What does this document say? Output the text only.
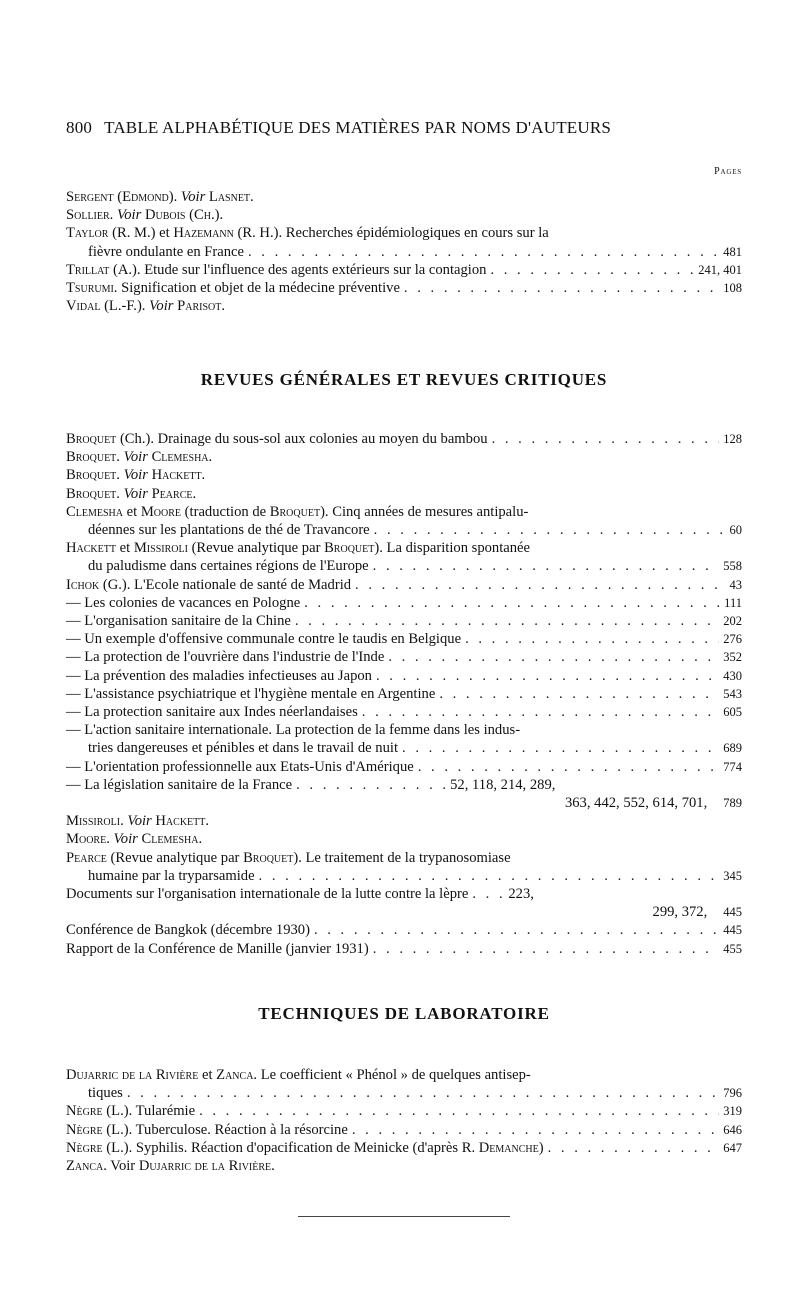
800 TABLE ALPHABÉTIQUE DES MATIÈRES PAR NOMS D'AUTEURS
Pages
Sergent (Edmond). Voir Lasnet.
Sollier. Voir Dubois (Ch.).
Taylor (R. M.) et Hazemann (R. H.). Recherches épidémiologiques en cours sur la
fièvre ondulante en France . . .	481
Trillat (A.). Etude sur l'influence des agents extérieurs sur la contagion . . .	241, 401
Tsurumi. Signification et objet de la médecine préventive . . .	108
Vidal (L.-F.). Voir Parisot.
REVUES GÉNÉRALES ET REVUES CRITIQUES
Broquet (Ch.). Drainage du sous-sol aux colonies au moyen du bambou . . .	128
Broquet. Voir Clemesha.
Broquet. Voir Hackett.
Broquet. Voir Pearce.
Clemesha et Moore (traduction de Broquet). Cinq années de mesures antipalu-
déennes sur les plantations de thé de Travancore . . .	60
Hackett et Missiroli (Revue analytique par Broquet). La disparition spontanée
du paludisme dans certaines régions de l'Europe . . .	558
Ichok (G.). L'Ecole nationale de santé de Madrid . . .	43
— Les colonies de vacances en Pologne . . .	111
— L'organisation sanitaire de la Chine . . .	202
— Un exemple d'offensive communale contre le taudis en Belgique . . .	276
— La protection de l'ouvrière dans l'industrie de l'Inde . . .	352
— La prévention des maladies infectieuses au Japon . . .	430
— L'assistance psychiatrique et l'hygiène mentale en Argentine . . .	543
— La protection sanitaire aux Indes néerlandaises . . .	605
— L'action sanitaire internationale. La protection de la femme dans les indus-
tries dangereuses et pénibles et dans le travail de nuit . . .	689
— L'orientation professionnelle aux Etats-Unis d'Amérique . . .	774
— La législation sanitaire de la France . . .	52, 118, 214, 289,
363, 442, 552, 614, 701, 789
Missiroli. Voir Hackett.
Moore. Voir Clemesha.
Pearce (Revue analytique par Broquet). Le traitement de la trypanosomiase
humaine par la tryparsamide . . .	345
Documents sur l'organisation internationale de la lutte contre la lèpre . . .	223,
299, 372, 445
Conférence de Bangkok (décembre 1930) . . .	445
Rapport de la Conférence de Manille (janvier 1931) . . .	455
TECHNIQUES DE LABORATOIRE
Dujarric de la Rivière et Zanca. Le coefficient « Phénol » de quelques antisep-
tiques . . .	796
Nègre (L.). Tularémie . . .	319
Nègre (L.). Tuberculose. Réaction à la résorcine . . .	646
Nègre (L.). Syphilis. Réaction d'opacification de Meinicke (d'après R. Demanche) . . .	647
Zanca. Voir Dujarric de la Rivière.
